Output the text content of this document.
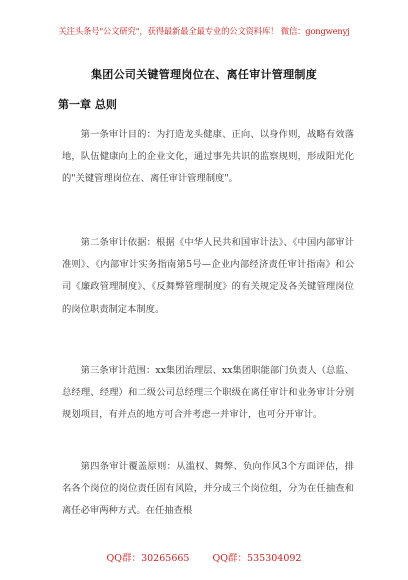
关注头条号"公文研究"，获得最新最全最专业的公文资料库！ 微信：gongwenyj
集团公司关键管理岗位在、离任审计管理制度
第一章 总则

第一条审计目的：为打造龙头健康、正向、以身作则，战略有效落地，队伍健康向上的企业文化，通过事先共识的监察规则，形成阳光化的"关键管理岗位在、离任审计管理制度"。

第二条审计依据：根据《中华人民共和国审计法》、《中国内部审计准则》、《内部审计实务指南第5号—企业内部经济责任审计指南》和公司《廉政管理制度》、《反舞弊管理制度》的有关规定及各关键管理岗位的岗位职责制定本制度。

第三条审计范围：xx集团治理层、xx集团职能部门负责人（总监、总经理、经理）和二级公司总经理三个职级在离任审计和业务审计分别规划项目，有并点的地方可合并考虑一并审计，也可分开审计。

第四条审计覆盖原则：从滥权、舞弊、负向作风3个方面评估，排名各个岗位的岗位责任固有风险，并分成三个岗位组，分为在任抽查和离任必审两种方式。在任抽查根

QQ群：30265665 QQ群：535304092
